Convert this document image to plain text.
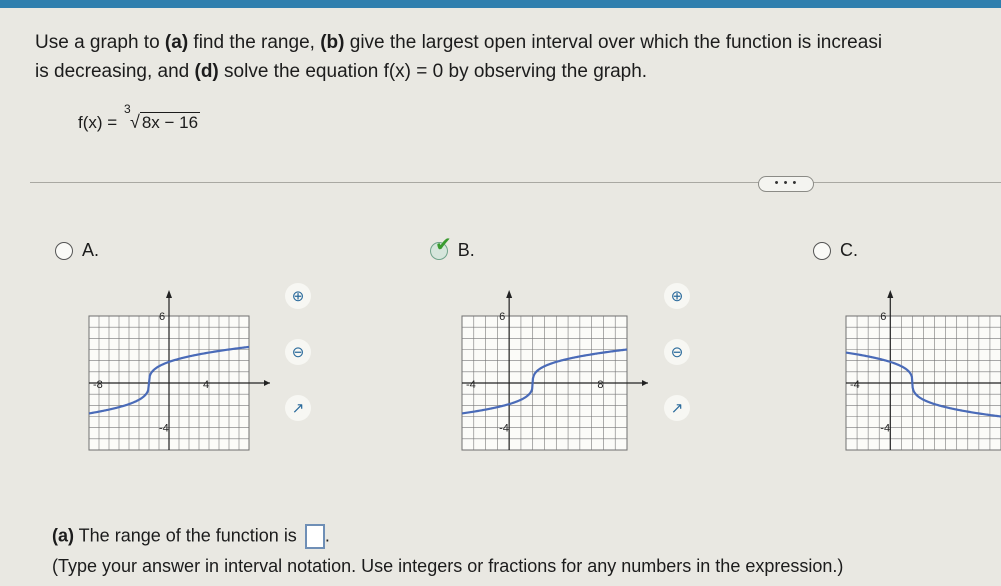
Use a graph to (a) find the range, (b) give the largest open interval over which the function is increasi
is decreasing, and (d) solve the equation f(x) = 0 by observing the graph.
f(x) =
3
√ 8x − 16
• • •
A.	✔ B.	C.
-8	4
6
-4
-4	8
6
-4
-4
6
-4
⊕
⊖
↗
⊕
⊖
↗
(a) The range of the function is .
(Type your answer in interval notation. Use integers or fractions for any numbers in the expression.)
